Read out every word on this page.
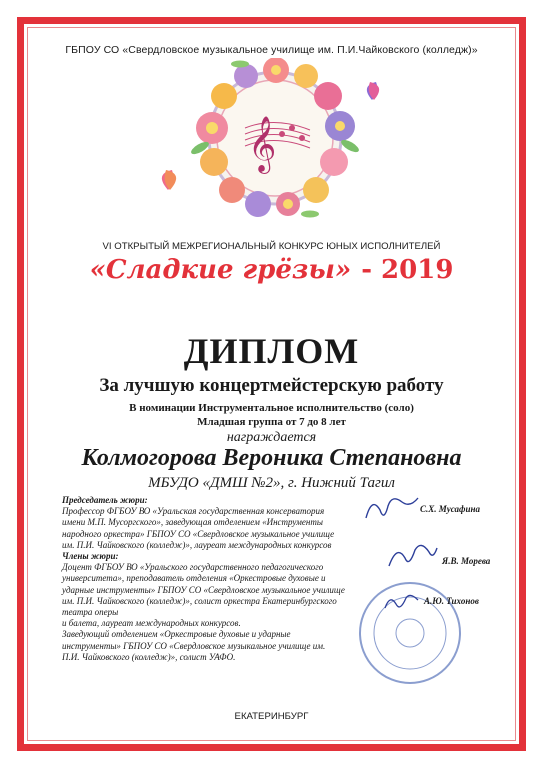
ГБПОУ СО «Свердловское музыкальное училище им. П.И.Чайковского (колледж)»
𝄞
VI ОТКРЫТЫЙ МЕЖРЕГИОНАЛЬНЫЙ КОНКУРС ЮНЫХ ИСПОЛНИТЕЛЕЙ
«Сладкие грёзы» - 2019
ДИПЛОМ
За лучшую концертмейстерскую работу
В номинации Инструментальное исполнительство (соло)
Младшая группа от 7 до 8 лет
награждается
Колмогорова Вероника Степановна
МБУДО «ДМШ №2», г. Нижний Тагил

Председатель жюри:

Профессор ФГБОУ ВО «Уральская государственная консерватория

имени М.П. Мусоргского», заведующая отделением «Инструменты

народного оркестра» ГБПОУ СО «Свердловское музыкальное училище

им. П.И. Чайковского (колледж)», лауреат международных конкурсов

Члены жюри:

Доцент ФГБОУ ВО «Уральского государственного педагогического

университета», преподаватель отделения «Оркестровые духовые и

ударные инструменты» ГБПОУ СО «Свердловское музыкальное училище

им. П.И. Чайковского (колледж)», солист оркестра Екатеринбургского

театра оперы

и балета, лауреат международных конкурсов.

Заведующий отделением «Оркестровые духовые и ударные

инструменты» ГБПОУ СО «Свердловское музыкальное училище им.

П.И. Чайковского (колледж)», солист УАФО.

С.Х. Мусафина
Я.В. Морева
А.Ю. Тихонов
ЕКАТЕРИНБУРГ
